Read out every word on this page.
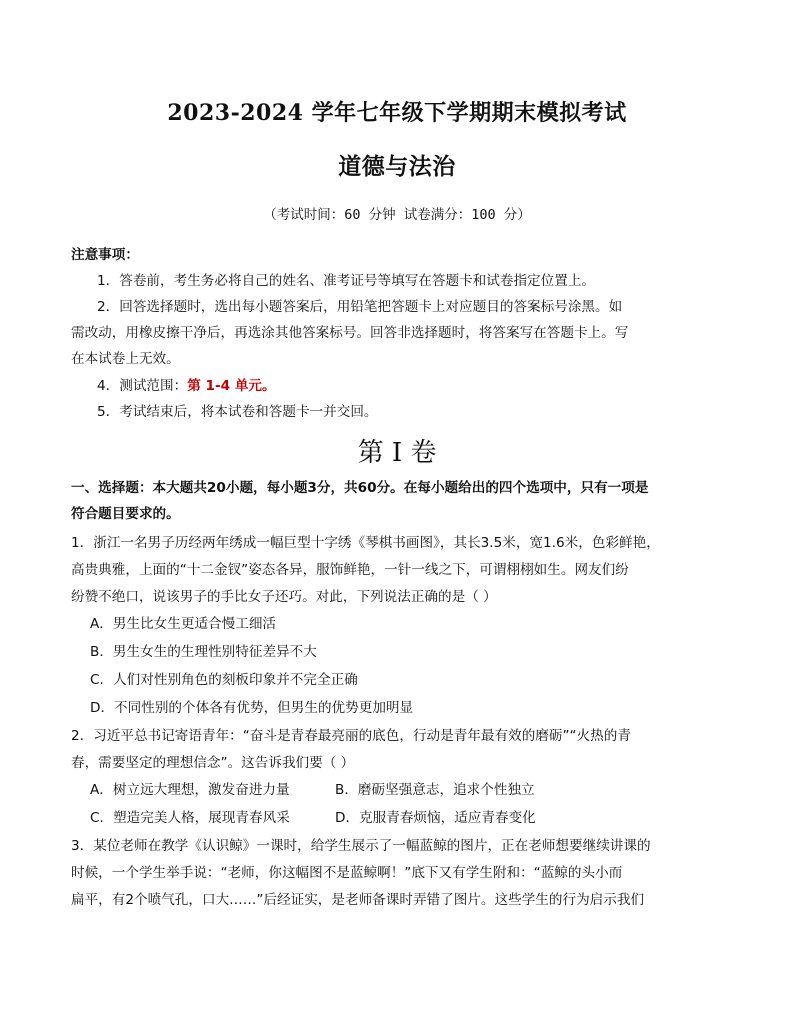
2023-2024 学年七年级下学期期末模拟考试
道德与法治
（考试时间：60 分钟 试卷满分：100 分）
注意事项：
1．答卷前，考生务必将自己的姓名、准考证号等填写在答题卡和试卷指定位置上。
2．回答选择题时，选出每小题答案后，用铅笔把答题卡上对应题目的答案标号涂黑。如
需改动，用橡皮擦干净后，再选涂其他答案标号。回答非选择题时，将答案写在答题卡上。写
在本试卷上无效。
4．测试范围：第 1-4 单元。
5．考试结束后，将本试卷和答题卡一并交回。
第 I 卷
一、选择题：本大题共20小题，每小题3分，共60分。在每小题给出的四个选项中，只有一项是
符合题目要求的。
1．浙江一名男子历经两年绣成一幅巨型十字绣《琴棋书画图》，其长3.5米，宽1.6米，色彩鲜艳，
高贵典雅，上面的“十二金钗”姿态各异，服饰鲜艳，一针一线之下，可谓栩栩如生。网友们纷
纷赞不绝口，说该男子的手比女子还巧。对此，下列说法正确的是（ ）
A．男生比女生更适合慢工细活
B．男生女生的生理性别特征差异不大
C．人们对性别角色的刻板印象并不完全正确
D．不同性别的个体各有优势，但男生的优势更加明显
2．习近平总书记寄语青年：“奋斗是青春最亮丽的底色，行动是青年最有效的磨砺”“火热的青
春，需要坚定的理想信念”。这告诉我们要（ ）
A．树立远大理想，激发奋进力量	B．磨砺坚强意志，追求个性独立
C．塑造完美人格，展现青春风采	D．克服青春烦恼，适应青春变化
3．某位老师在教学《认识鲸》一课时，给学生展示了一幅蓝鲸的图片，正在老师想要继续讲课的
时候，一个学生举手说：“老师，你这幅图不是蓝鲸啊！”底下又有学生附和：“蓝鲸的头小而
扁平，有2个喷气孔，口大……”后经证实，是老师备课时弄错了图片。这些学生的行为启示我们
